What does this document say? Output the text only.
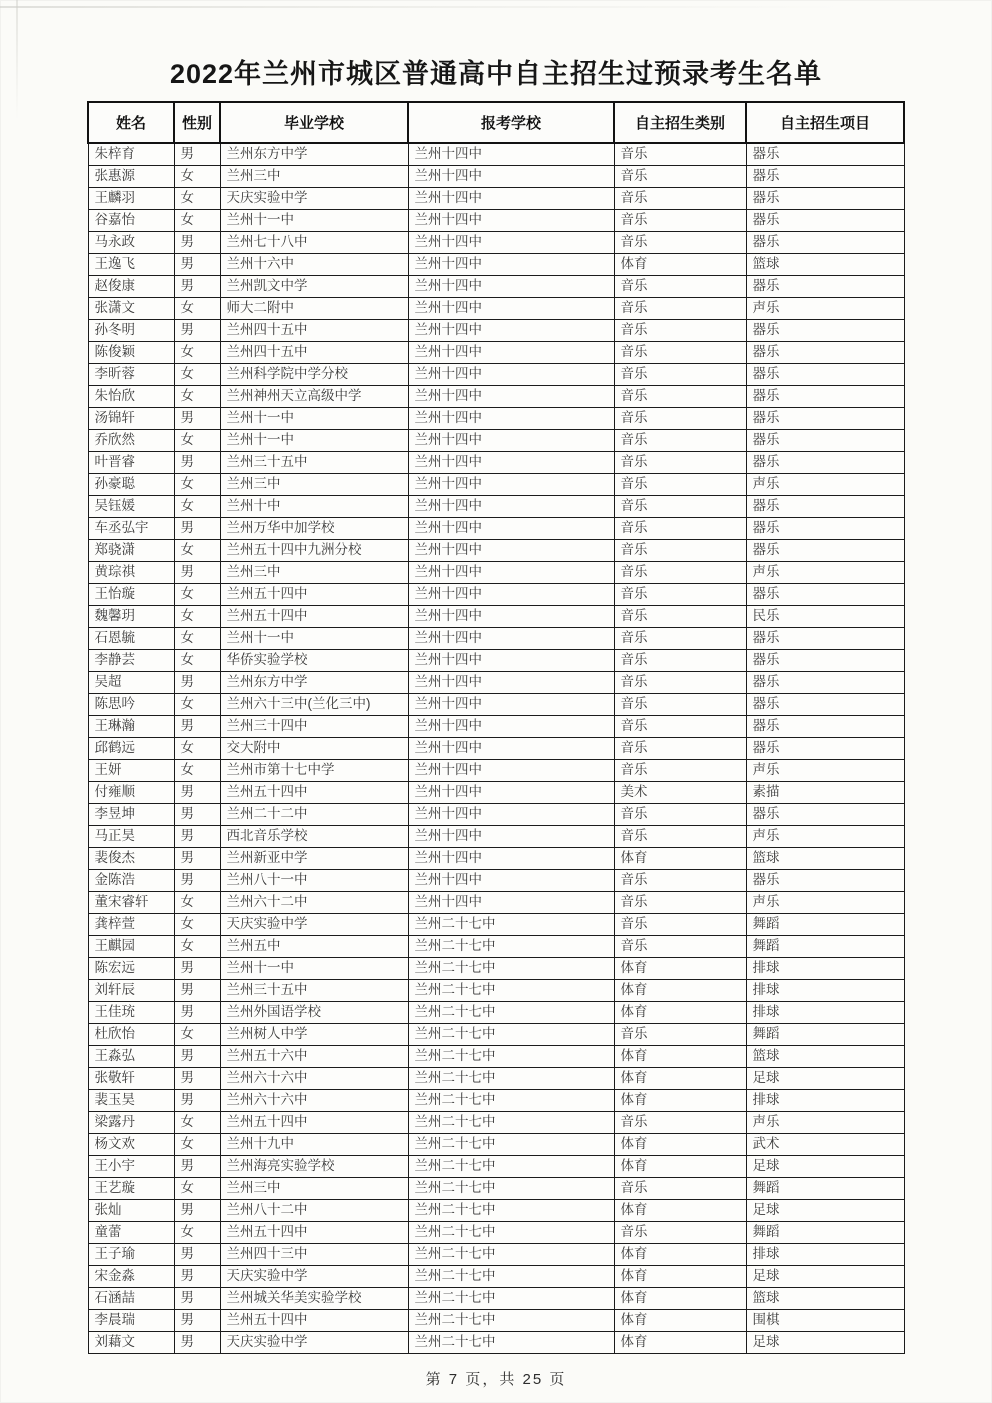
2022年兰州市城区普通高中自主招生过预录考生名单
姓名	性别	毕业学校	报考学校	自主招生类别	自主招生项目
朱梓育	男	兰州东方中学	兰州十四中	音乐	器乐
张惠源	女	兰州三中	兰州十四中	音乐	器乐
王麟羽	女	天庆实验中学	兰州十四中	音乐	器乐
谷嘉怡	女	兰州十一中	兰州十四中	音乐	器乐
马永政	男	兰州七十八中	兰州十四中	音乐	器乐
王逸飞	男	兰州十六中	兰州十四中	体育	篮球
赵俊康	男	兰州凯文中学	兰州十四中	音乐	器乐
张潇文	女	师大二附中	兰州十四中	音乐	声乐
孙冬明	男	兰州四十五中	兰州十四中	音乐	器乐
陈俊颖	女	兰州四十五中	兰州十四中	音乐	器乐
李昕蓉	女	兰州科学院中学分校	兰州十四中	音乐	器乐
朱怡欣	女	兰州神州天立高级中学	兰州十四中	音乐	器乐
汤锦轩	男	兰州十一中	兰州十四中	音乐	器乐
乔欣然	女	兰州十一中	兰州十四中	音乐	器乐
叶晋睿	男	兰州三十五中	兰州十四中	音乐	器乐
孙豪聪	女	兰州三中	兰州十四中	音乐	声乐
吴钰媛	女	兰州十中	兰州十四中	音乐	器乐
车丞弘宇	男	兰州万华中加学校	兰州十四中	音乐	器乐
郑骁潇	女	兰州五十四中九洲分校	兰州十四中	音乐	器乐
黄琮祺	男	兰州三中	兰州十四中	音乐	声乐
王怡璇	女	兰州五十四中	兰州十四中	音乐	器乐
魏馨玥	女	兰州五十四中	兰州十四中	音乐	民乐
石恩毓	女	兰州十一中	兰州十四中	音乐	器乐
李静芸	女	华侨实验学校	兰州十四中	音乐	器乐
吴超	男	兰州东方中学	兰州十四中	音乐	器乐
陈思吟	女	兰州六十三中(兰化三中)	兰州十四中	音乐	器乐
王琳瀚	男	兰州三十四中	兰州十四中	音乐	器乐
邱鹤远	女	交大附中	兰州十四中	音乐	器乐
王妍	女	兰州市第十七中学	兰州十四中	音乐	声乐
付雍顺	男	兰州五十四中	兰州十四中	美术	素描
李昱坤	男	兰州二十二中	兰州十四中	音乐	器乐
马正昊	男	西北音乐学校	兰州十四中	音乐	声乐
裴俊杰	男	兰州新亚中学	兰州十四中	体育	篮球
金陈浩	男	兰州八十一中	兰州十四中	音乐	器乐
董宋睿轩	女	兰州六十二中	兰州十四中	音乐	声乐
龚梓萱	女	天庆实验中学	兰州二十七中	音乐	舞蹈
王麒园	女	兰州五中	兰州二十七中	音乐	舞蹈
陈宏远	男	兰州十一中	兰州二十七中	体育	排球
刘轩辰	男	兰州三十五中	兰州二十七中	体育	排球
王佳珫	男	兰州外国语学校	兰州二十七中	体育	排球
杜欣怡	女	兰州树人中学	兰州二十七中	音乐	舞蹈
王淼弘	男	兰州五十六中	兰州二十七中	体育	篮球
张敬轩	男	兰州六十六中	兰州二十七中	体育	足球
裴玉昊	男	兰州六十六中	兰州二十七中	体育	排球
梁露丹	女	兰州五十四中	兰州二十七中	音乐	声乐
杨文欢	女	兰州十九中	兰州二十七中	体育	武术
王小宇	男	兰州海亮实验学校	兰州二十七中	体育	足球
王艺璇	女	兰州三中	兰州二十七中	音乐	舞蹈
张灿	男	兰州八十二中	兰州二十七中	体育	足球
童蕾	女	兰州五十四中	兰州二十七中	音乐	舞蹈
王子瑜	男	兰州四十三中	兰州二十七中	体育	排球
宋金淼	男	天庆实验中学	兰州二十七中	体育	足球
石涵喆	男	兰州城关华美实验学校	兰州二十七中	体育	篮球
李晨瑞	男	兰州五十四中	兰州二十七中	体育	围棋
刘藉文	男	天庆实验中学	兰州二十七中	体育	足球
第 7 页，共 25 页
